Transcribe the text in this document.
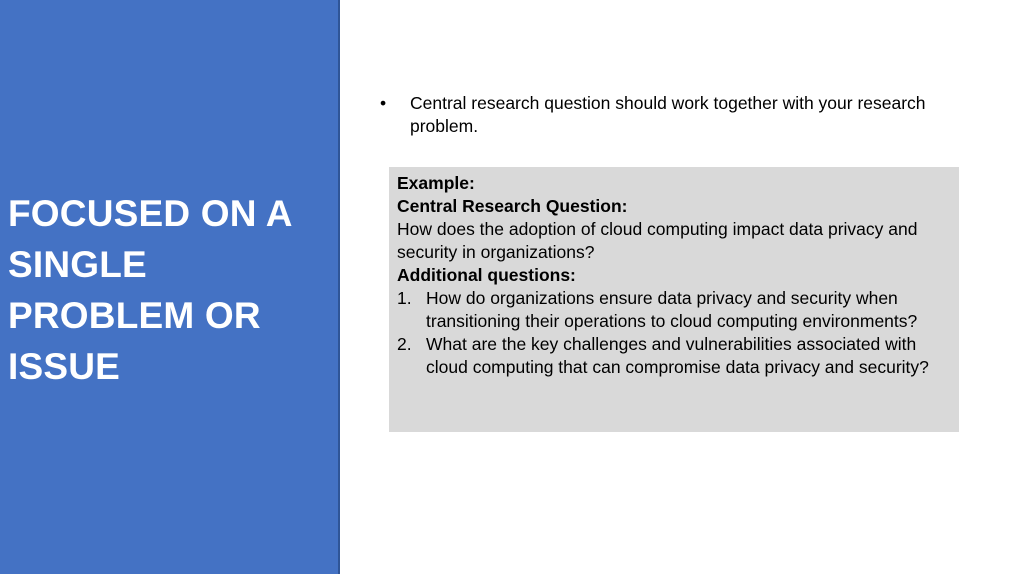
FOCUSED ON A
SINGLE
PROBLEM OR
ISSUE
•	Central research question should work together with your research problem.
Example:
Central Research Question:
How does the adoption of cloud computing impact data privacy and security in organizations?
Additional questions:
1. How do organizations ensure data privacy and security when transitioning their operations to cloud computing environments?
2. What are the key challenges and vulnerabilities associated with cloud computing that can compromise data privacy and security?
